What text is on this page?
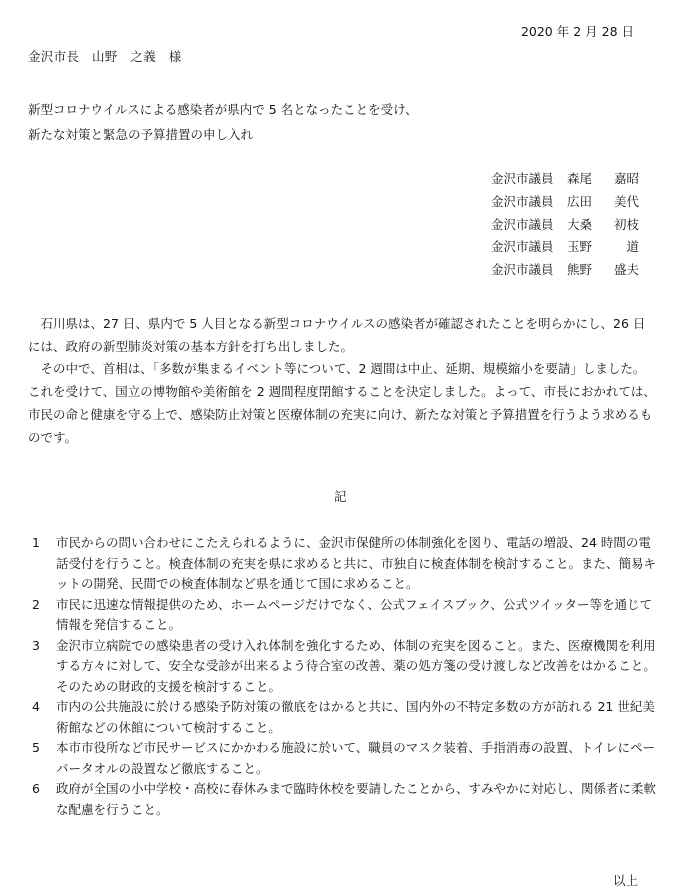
2020 年 2 月 28 日
金沢市長　山野　之義　様
新型コロナウイルスによる感染者が県内で 5 名となったことを受け、
新たな対策と緊急の予算措置の申し入れ
金沢市議員	森尾 嘉昭
金沢市議員	広田 美代
金沢市議員	大桑 初枝
金沢市議員	玉野	道
金沢市議員	熊野 盛夫

石川県は、27 日、県内で 5 人目となる新型コロナウイルスの感染者が確認されたことを明らかにし、26 日には、政府の新型肺炎対策の基本方針を打ち出しました。

その中で、首相は、「多数が集まるイベント等について、2 週間は中止、延期、規模縮小を要請」しました。これを受けて、国立の博物館や美術館を 2 週間程度閉館することを決定しました。よって、市長におかれては、市民の命と健康を守る上で、感染防止対策と医療体制の充実に向け、新たな対策と予算措置を行うよう求めるものです。

記
1	市民からの問い合わせにこたえられるように、金沢市保健所の体制強化を図り、電話の増設、24 時間の電話受付を行うこと。検査体制の充実を県に求めると共に、市独自に検査体制を検討すること。また、簡易キットの開発、民間での検査体制など県を通じて国に求めること。
2	市民に迅速な情報提供のため、ホームページだけでなく、公式フェイスブック、公式ツイッター等を通じて情報を発信すること。
3	金沢市立病院での感染患者の受け入れ体制を強化するため、体制の充実を図ること。また、医療機関を利用する方々に対して、安全な受診が出来るよう待合室の改善、薬の処方箋の受け渡しなど改善をはかること。そのための財政的支援を検討すること。
4	市内の公共施設に於ける感染予防対策の徹底をはかると共に、国内外の不特定多数の方が訪れる 21 世紀美術館などの休館について検討すること。
5	本市市役所など市民サービスにかかわる施設に於いて、職員のマスク装着、手指消毒の設置、トイレにペーパータオルの設置など徹底すること。
6	政府が全国の小中学校・高校に春休みまで臨時休校を要請したことから、すみやかに対応し、関係者に柔軟な配慮を行うこと。
以上
